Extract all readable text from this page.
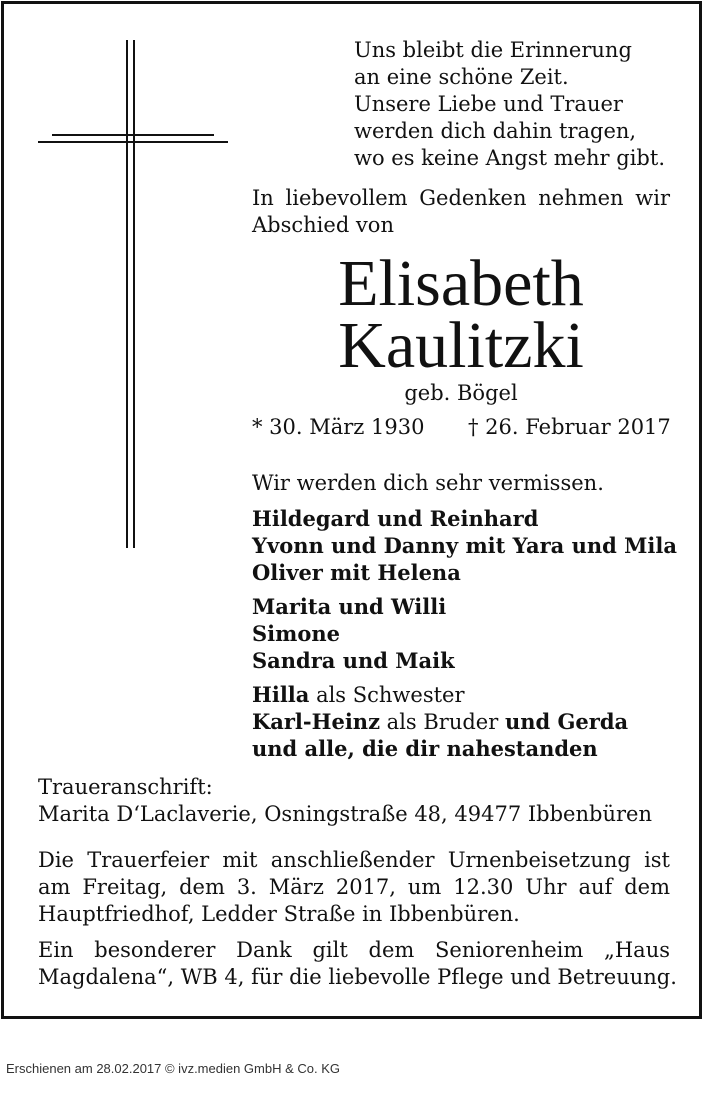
Uns bleibt die Erinnerung
an eine schöne Zeit.
Unsere Liebe und Trauer
werden dich dahin tragen,
wo es keine Angst mehr gibt.
In liebevollem Gedenken nehmen wir Abschied von
Elisabeth
Kaulitzki
geb. Bögel
* 30. März 1930 † 26. Februar 2017
Wir werden dich sehr vermissen.
Hildegard und Reinhard
Yvonn und Danny mit Yara und Mila
Oliver mit Helena
Marita und Willi
Simone
Sandra und Maik
Hilla als Schwester
Karl-Heinz als Bruder und Gerda
und alle, die dir nahestanden
Traueranschrift:
Marita D‘Laclaverie, Osningstraße 48, 49477 Ibbenbüren
Die Trauerfeier mit anschließender Urnenbeisetzung ist
am Freitag, dem 3. März 2017, um 12.30 Uhr auf dem
Hauptfriedhof, Ledder Straße in Ibbenbüren.
Ein besonderer Dank gilt dem Seniorenheim „Haus
Magdalena“, WB 4, für die liebevolle Pflege und Betreuung.
Erschienen am 28.02.2017 © ivz.medien GmbH & Co. KG
